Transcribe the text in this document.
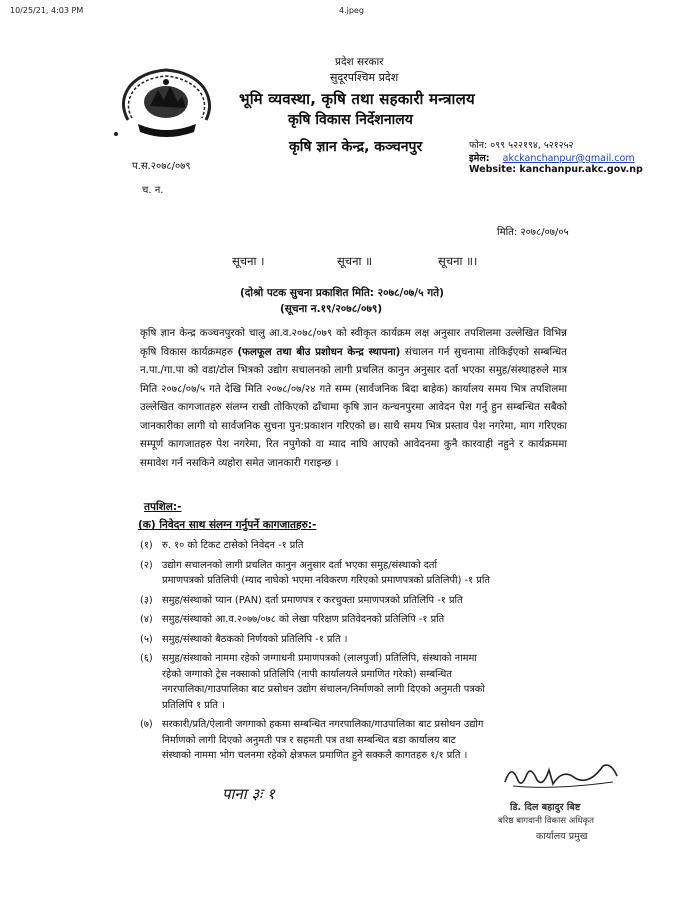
10/25/21, 4:03 PM	4.jpeg
प्रदेश सरकार
सुदूरपश्चिम प्रदेश
भूमि व्यवस्था, कृषि तथा सहकारी मन्त्रालय
कृषि विकास निर्देशनालय
कृषि ज्ञान केन्द्र, कञ्चनपुर	फोन: ०९९ ५२२१९४, ५२१२५२
इमेल: akckanchanpur@gmail.com
Website: kanchanpur.akc.gov.np
प.स.२०७८/०७९
च. न.
मिति: २०७८/०७/०५
सूचना ।	सूचना ॥	सूचना ॥।
(दोश्रो पटक सुचना प्रकाशित मिति: २०७८/०७/५ गते)
(सूचना न.१९/२०७८/०७९)
कृषि ज्ञान केन्द्र कञ्चनपुरको चालु आ.व.२०७८/०७९ को स्वीकृत कार्यक्रम लक्ष अनुसार तपशिलमा उल्लेखित विभिन्न कृषि विकास कार्यक्रमहरु (फलफूल तथा बीउ प्रशोधन केन्द्र स्थापना) संचालन गर्न सुचनामा तोकिईएको सम्बन्धित न.पा./गा.पा को वडा/टोल भित्रको उद्योग सचालनको लागी प्रचलित कानुन अनुसार दर्ता भएका समुह/संस्थाहरुले मात्र मिति २०७८/०७/५ गते देखि मिति २०७८/०७/२४ गते सम्म (सार्वजनिक बिदा बाहेक) कार्यालय समय भित्र तपशिलमा उल्लेखित कागजातहरु संलग्न राखी तोकिएको ढाँचामा कृषि ज्ञान कन्चनपुरमा आवेदन पेश गर्नु हुन सम्बन्धित सबैको जानकारीका लागी यो सार्वजनिक सुचना पुन:प्रकाशन गरिएको छ। साथै समय भित्र प्रस्ताव पेश नगरेमा, माग गरिएका सम्पूर्ण कागजातहरु पेश नगरेमा, रित नपुगेको वा म्याद नाघि आएको आवेदनमा कुनै कारवाही नहुने र कार्यक्रममा समावेश गर्न नसकिने व्यहोरा समेत जानकारी गराइन्छ ।
तपशिल:-
(क) निवेदन साथ संलग्न गर्नुपर्ने कागजातहरु:-
(१) रु. १० को टिकट टासेको निवेदन -१ प्रति
(२) उद्योग सचालनको लागी प्रचलित कानुन अनुसार दर्ता भएका समुह/संस्थाको दर्ता
प्रमाणपत्रको प्रतिलिपी (म्याद नाघेको भएमा नविकरण गरिएको प्रमाणपत्रको प्रतिलिपी) -१ प्रति
(३) समुह/संस्थाको प्यान (PAN) दर्ता प्रमाणपत्र र करचुक्ता प्रमाणपत्रको प्रतिलिपि -१ प्रति
(४) समुह/संस्थाको आ.व.२०७७/०७८ को लेखा परिक्षण प्रतिवेदनको प्रतिलिपि -१ प्रति
(५) समुह/संस्थाको बैठकको निर्णयको प्रतिलिपि -१ प्रति ।
(६) समुह/संस्थाको नाममा रहेको जग्गाधनी प्रमाणपत्रको (लालपुर्जा) प्रतिलिपि, संस्थाको नाममा
रहेको जग्गाको ट्रेस नक्साको प्रतिलिपि (नापी कार्यालयले प्रमाणित गरेको) सम्बन्धित
नगरपालिका/गाउपालिका बाट प्रसोधन उद्योग संचालन/निर्माणको लागी दिएको अनुमती पत्रको
प्रतिलिपि १ प्रति ।
(७) सरकारी/प्रति/ऐलानी जगगाको हकमा सम्बन्धित नगरपालिका/गाउपालिका बाट प्रसोधन उद्योग
निर्माणको लागी दिएको अनुमती पत्र र सहमती पत्र तथा सम्बन्धित बडा कार्यालय बाट
संस्थाको नाममा भोग चलनमा रहेको क्षेत्रफल प्रमाणित हुने सक्कलै कागतहरु १/१ प्रति ।
पाना ३ः १
डि. दिल बहादुर बिष्ट
बरिष्ठ बागवानी विकास अधिकृत
कार्यालय प्रमुख
